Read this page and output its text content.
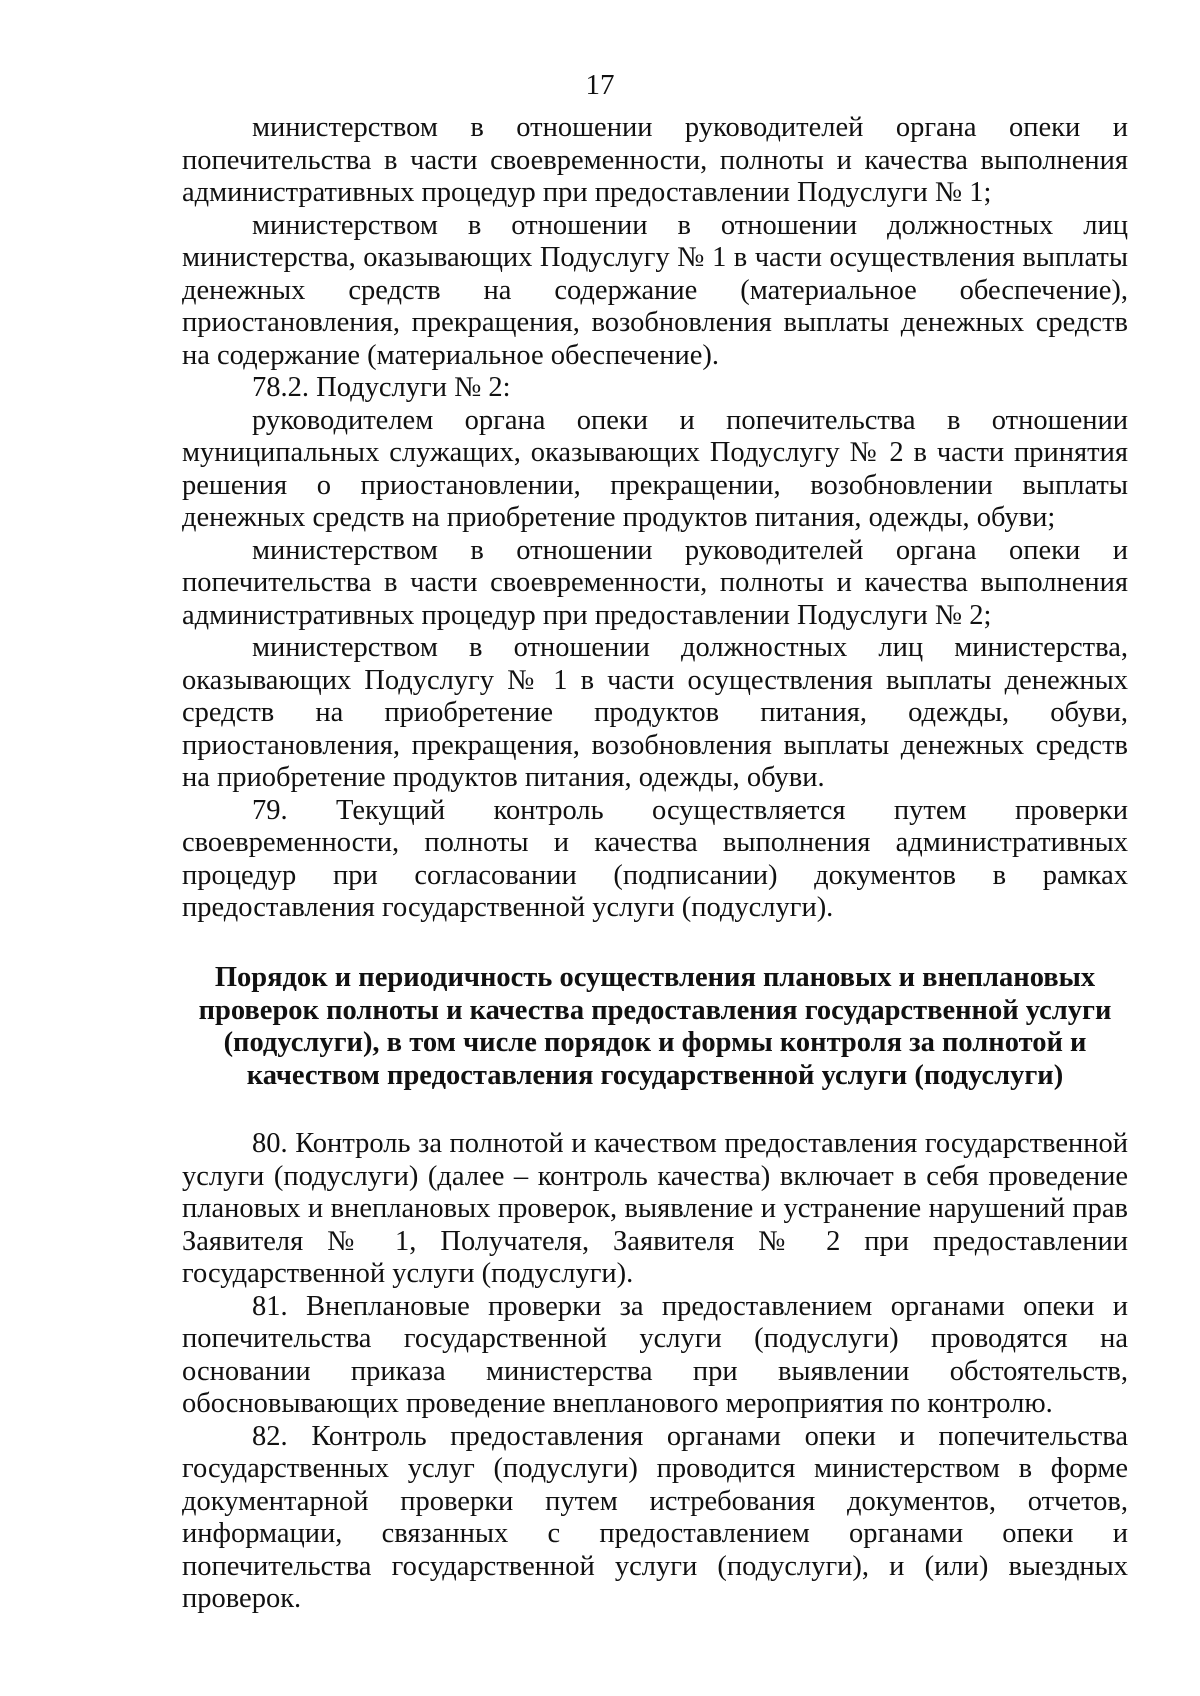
17

министерством в отношении руководителей органа опеки и попечительства в части своевременности, полноты и качества выполнения административных процедур при предоставлении Подуслуги № 1;

министерством в отношении в отношении должностных лиц министерства, оказывающих Подуслугу № 1 в части осуществления выплаты денежных средств на содержание (материальное обеспечение), приостановления, прекращения, возобновления выплаты денежных средств на содержание (материальное обеспечение).

78.2. Подуслуги № 2:

руководителем органа опеки и попечительства в отношении муниципальных служащих, оказывающих Подуслугу № 2 в части принятия решения о приостановлении, прекращении, возобновлении выплаты денежных средств на приобретение продуктов питания, одежды, обуви;

министерством в отношении руководителей органа опеки и попечительства в части своевременности, полноты и качества выполнения административных процедур при предоставлении Подуслуги № 2;

министерством в отношении должностных лиц министерства, оказывающих Подуслугу № 1 в части осуществления выплаты денежных средств на приобретение продуктов питания, одежды, обуви, приостановления, прекращения, возобновления выплаты денежных средств на приобретение продуктов питания, одежды, обуви.

79. Текущий контроль осуществляется путем проверки своевременности, полноты и качества выполнения административных процедур при согласовании (подписании) документов в рамках предоставления государственной услуги (подуслуги).

Порядок и периодичность осуществления плановых и внеплановых проверок полноты и качества предоставления государственной услуги (подуслуги), в том числе порядок и формы контроля за полнотой и качеством предоставления государственной услуги (подуслуги)

80. Контроль за полнотой и качеством предоставления государственной услуги (подуслуги) (далее – контроль качества) включает в себя проведение плановых и внеплановых проверок, выявление и устранение нарушений прав Заявителя № 1, Получателя, Заявителя № 2 при предоставлении государственной услуги (подуслуги).

81. Внеплановые проверки за предоставлением органами опеки и попечительства государственной услуги (подуслуги) проводятся на основании приказа министерства при выявлении обстоятельств, обосновывающих проведение внепланового мероприятия по контролю.

82. Контроль предоставления органами опеки и попечительства государственных услуг (подуслуги) проводится министерством в форме документарной проверки путем истребования документов, отчетов, информации, связанных с предоставлением органами опеки и попечительства государственной услуги (подуслуги), и (или) выездных проверок.
